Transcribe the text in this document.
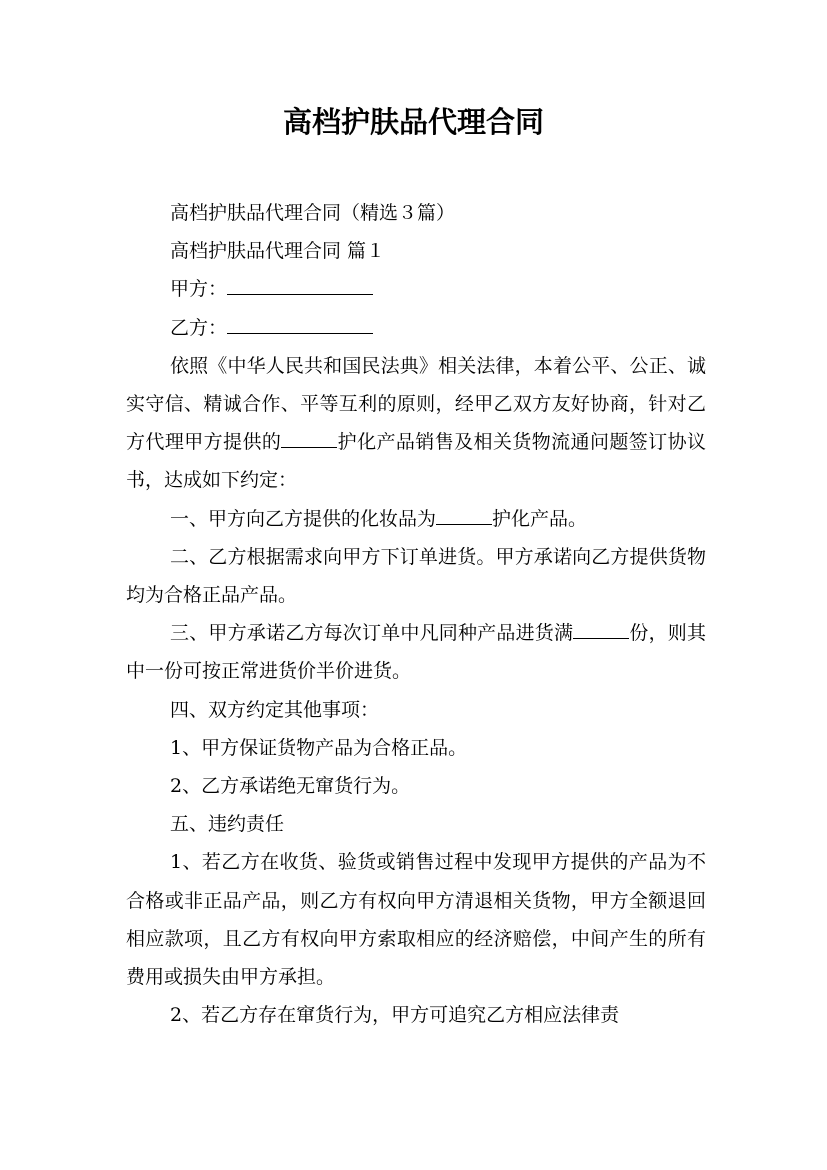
高档护肤品代理合同

高档护肤品代理合同（精选３篇）

高档护肤品代理合同 篇１

甲方：

乙方：

依照《中华人民共和国民法典》相关法律，本着公平、公正、诚实守信、精诚合作、平等互利的原则，经甲乙双方友好协商，针对乙方代理甲方提供的	护化产品销售及相关货物流通问题签订协议书，达成如下约定：

一、甲方向乙方提供的化妆品为	护化产品。

二、乙方根据需求向甲方下订单进货。甲方承诺向乙方提供货物均为合格正品产品。

三、甲方承诺乙方每次订单中凡同种产品进货满	份，则其中一份可按正常进货价半价进货。

四、双方约定其他事项：

1、甲方保证货物产品为合格正品。

2、乙方承诺绝无窜货行为。

五、违约责任

1、若乙方在收货、验货或销售过程中发现甲方提供的产品为不合格或非正品产品，则乙方有权向甲方清退相关货物，甲方全额退回相应款项，且乙方有权向甲方索取相应的经济赔偿，中间产生的所有费用或损失由甲方承担。

2、若乙方存在窜货行为，甲方可追究乙方相应法律责
